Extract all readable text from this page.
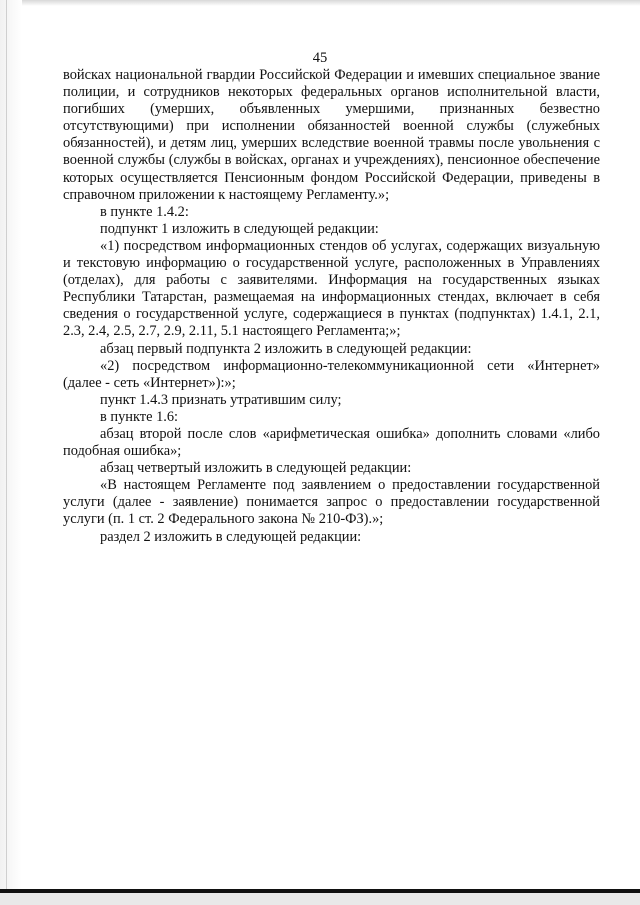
45

войсках национальной гвардии Российской Федерации и имевших специальное звание полиции, и сотрудников некоторых федеральных органов исполнительной власти, погибших (умерших, объявленных умершими, признанных безвестно отсутствующими) при исполнении обязанностей военной службы (служебных обязанностей), и детям лиц, умерших вследствие военной травмы после увольнения с военной службы (службы в войсках, органах и учреждениях), пенсионное обеспечение которых осуществляется Пенсионным фондом Российской Федерации, приведены в справочном приложении к настоящему Регламенту.»;

в пункте 1.4.2:

подпункт 1 изложить в следующей редакции:

«1) посредством информационных стендов об услугах, содержащих визуальную и текстовую информацию о государственной услуге, расположенных в Управлениях (отделах), для работы с заявителями. Информация на государственных языках Республики Татарстан, размещаемая на информационных стендах, включает в себя сведения о государственной услуге, содержащиеся в пунктах (подпунктах) 1.4.1, 2.1, 2.3, 2.4, 2.5, 2.7, 2.9, 2.11, 5.1 настоящего Регламента;»;

абзац первый подпункта 2 изложить в следующей редакции:

«2) посредством информационно-телекоммуникационной сети «Интернет» (далее - сеть «Интернет»):»;

пункт 1.4.3 признать утратившим силу;

в пункте 1.6:

абзац второй после слов «арифметическая ошибка» дополнить словами «либо подобная ошибка»;

абзац четвертый изложить в следующей редакции:

«В настоящем Регламенте под заявлением о предоставлении государственной услуги (далее - заявление) понимается запрос о предоставлении государственной услуги (п. 1 ст. 2 Федерального закона № 210-ФЗ).»;

раздел 2 изложить в следующей редакции:
